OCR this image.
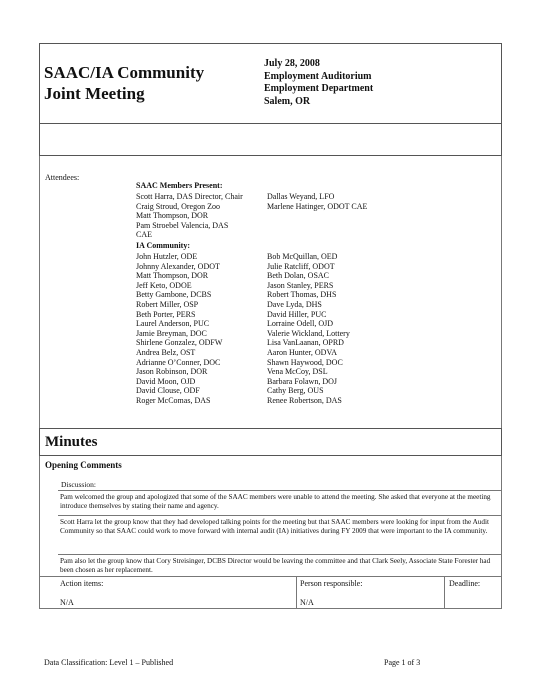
SAAC/IA Community
Joint Meeting
July 28, 2008
Employment Auditorium
Employment Department
Salem, OR
Attendees:
SAAC Members Present:
Scott Harra, DAS Director, Chair
Craig Stroud, Oregon Zoo
Matt Thompson, DOR
Pam Stroebel Valencia, DAS
CAE
Dallas Weyand, LFO
Marlene Hatinger, ODOT CAE
IA Community:
John Hutzler, ODE
Johnny Alexander, ODOT
Matt Thompson, DOR
Jeff Keto, ODOE
Betty Gambone, DCBS
Robert Miller, OSP
Beth Porter, PERS
Laurel Anderson, PUC
Jamie Breyman, DOC
Shirlene Gonzalez, ODFW
Andrea Belz, OST
Adrianne O’Conner, DOC
Jason Robinson, DOR
David Moon, OJD
David Clouse, ODF
Roger McComas, DAS
Bob McQuillan, OED
Julie Ratcliff, ODOT
Beth Dolan, OSAC
Jason Stanley, PERS
Robert Thomas, DHS
Dave Lyda, DHS
David Hiller, PUC
Lorraine Odell, OJD
Valerie Wickland, Lottery
Lisa VanLaanan, OPRD
Aaron Hunter, ODVA
Shawn Haywood, DOC
Vena McCoy, DSL
Barbara Folawn, DOJ
Cathy Berg, OUS
Renee Robertson, DAS
Minutes
Opening Comments
Discussion:
Pam welcomed the group and apologized that some of the SAAC members were unable to attend the meeting. She asked that everyone at the meeting introduce themselves by stating their name and agency.
Scott Harra let the group know that they had developed talking points for the meeting but that SAAC members were looking for input from the Audit Community so that SAAC could work to move forward with internal audit (IA) initiatives during FY 2009 that were important to the IA community.
Pam also let the group know that Cory Streisinger, DCBS Director would be leaving the committee and that Clark Seely, Associate State Forester had been chosen as her replacement.
Action items:	Person responsible:	Deadline:
N/A	N/A
Data Classification: Level 1 – Published	Page 1 of 3
